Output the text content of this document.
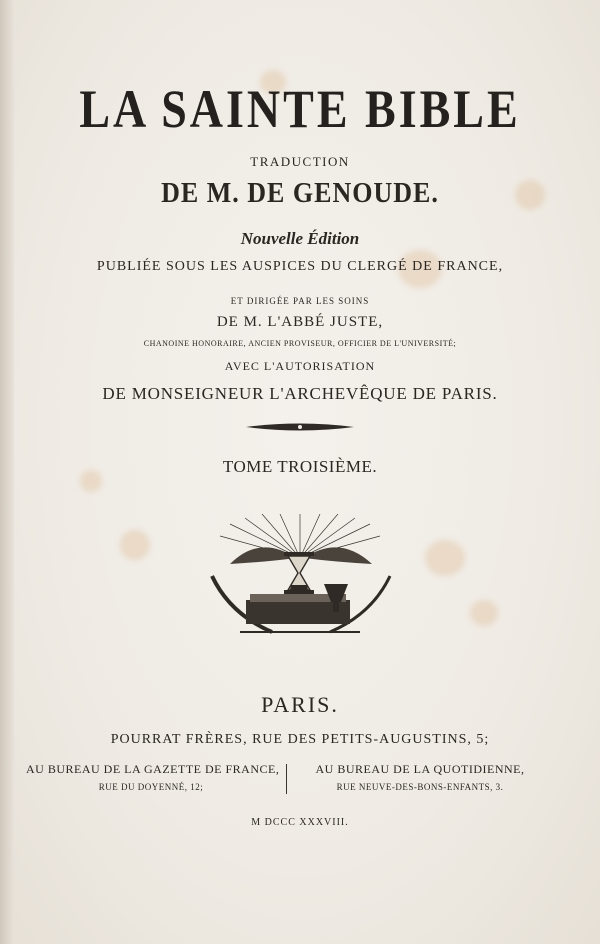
LA SAINTE BIBLE
TRADUCTION
DE M. DE GENOUDE.
Nouvelle Édition
PUBLIÉE SOUS LES AUSPICES DU CLERGÉ DE FRANCE,
ET DIRIGÉE PAR LES SOINS
DE M. L'ABBÉ JUSTE,
CHANOINE HONORAIRE, ANCIEN PROVISEUR, OFFICIER DE L'UNIVERSITÉ;
AVEC L'AUTORISATION
DE MONSEIGNEUR L'ARCHEVÊQUE DE PARIS.
TOME TROISIÈME.
PARIS.
POURRAT FRÈRES, RUE DES PETITS-AUGUSTINS, 5;
AU BUREAU DE LA GAZETTE DE FRANCE,
RUE DU DOYENNÉ, 12;
AU BUREAU DE LA QUOTIDIENNE,
RUE NEUVE-DES-BONS-ENFANTS, 3.
M DCCC XXXVIII.
